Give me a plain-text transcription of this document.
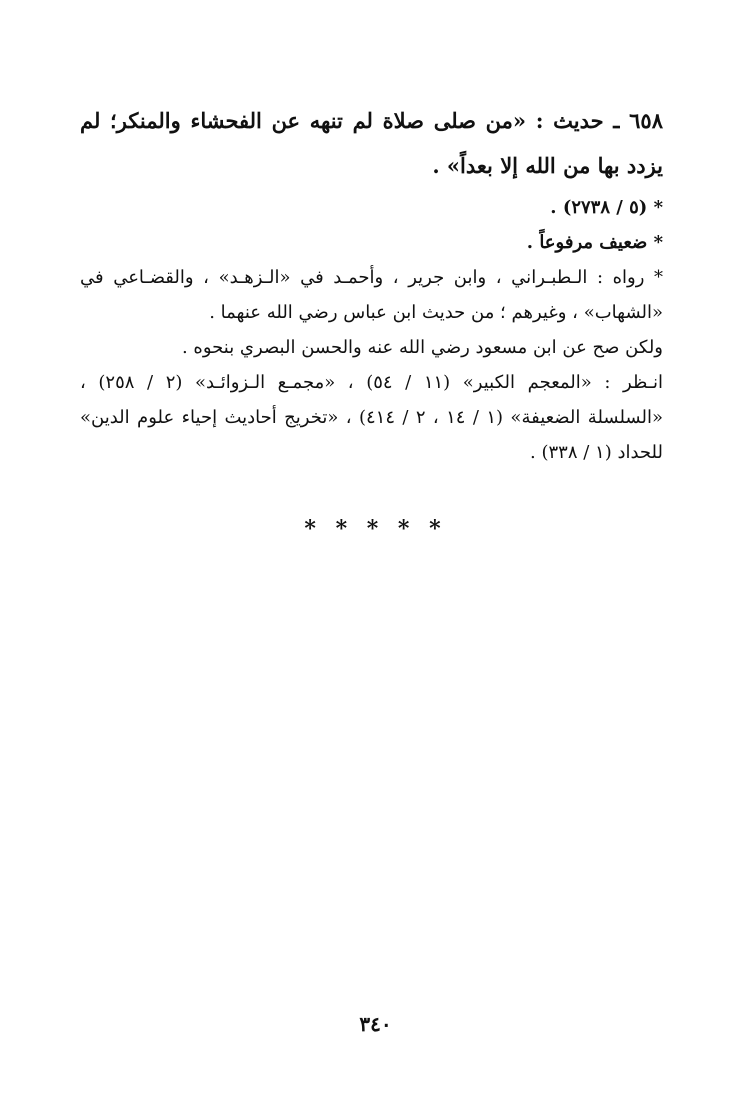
٦٥٨ ـ حديث : «من صلى صلاة لم تنهه عن الفحشاء والمنكر؛ لم
يزدد بها من الله إلا بعداً» .
* (٥ / ٢٧٣٨) .
* ضعيف مرفوعاً .
* رواه : الـطبـراني ، وابن جرير ، وأحمـد في «الـزهـد» ، والقضـاعي في
«الشهاب» ، وغيرهم ؛ من حديث ابن عباس رضي الله عنهما .
ولكن صح عن ابن مسعود رضي الله عنه والحسن البصري بنحوه .
انـظر : «المعجم الكبير» (١١ / ٥٤) ، «مجمـع الـزوائـد» (٢ / ٢٥٨) ،
«السلسلة الضعيفة» (١ / ١٤ ، ٢ / ٤١٤) ، «تخريج أحاديث إحياء علوم الدين»
للحداد (١ / ٣٣٨) .
* * * * *
٣٤٠
